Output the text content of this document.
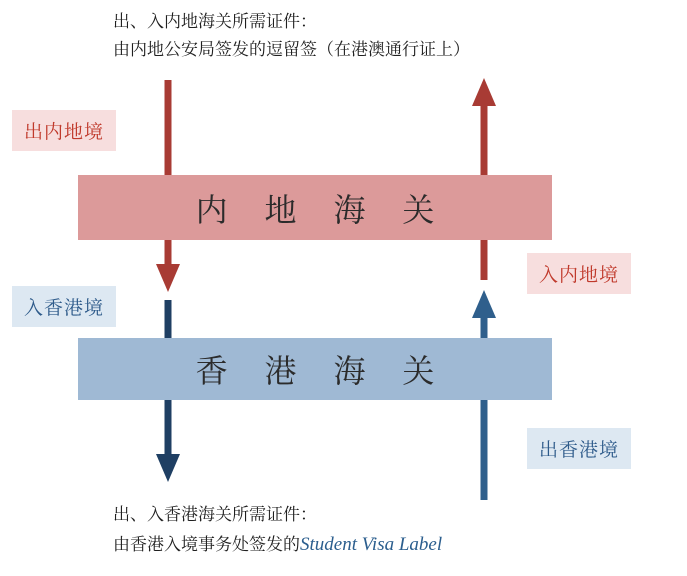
出、入内地海关所需证件：
由内地公安局签发的逗留签（在港澳通行证上）
内 地 海 关
香 港 海 关
出内地境
入香港境
入内地境
出香港境
出、入香港海关所需证件：
由香港入境事务处签发的Student Visa Label
